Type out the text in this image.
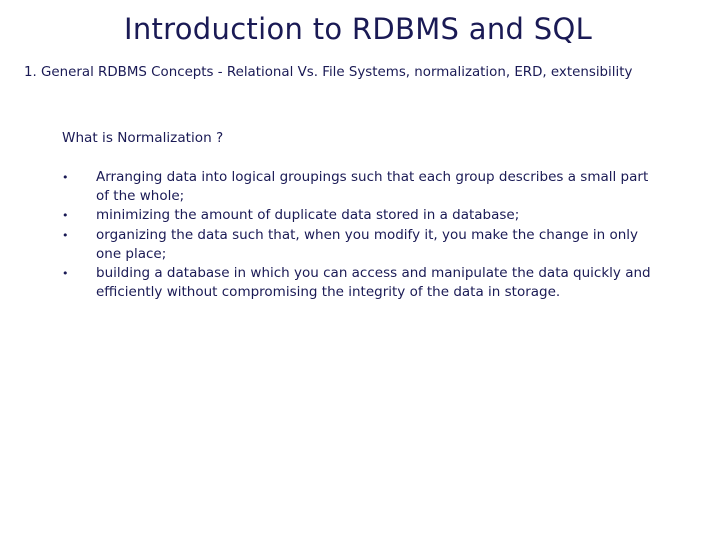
Introduction to RDBMS and SQL
1. General RDBMS Concepts - Relational Vs. File Systems, normalization, ERD, extensibility
What is Normalization ?
•	Arranging data into logical groupings such that each group describes a small part of the whole;
•	minimizing the amount of duplicate data stored in a database;
•	organizing the data such that, when you modify it, you make the change in only one place;
•	building a database in which you can access and manipulate the data quickly and efficiently without compromising the integrity of the data in storage.
